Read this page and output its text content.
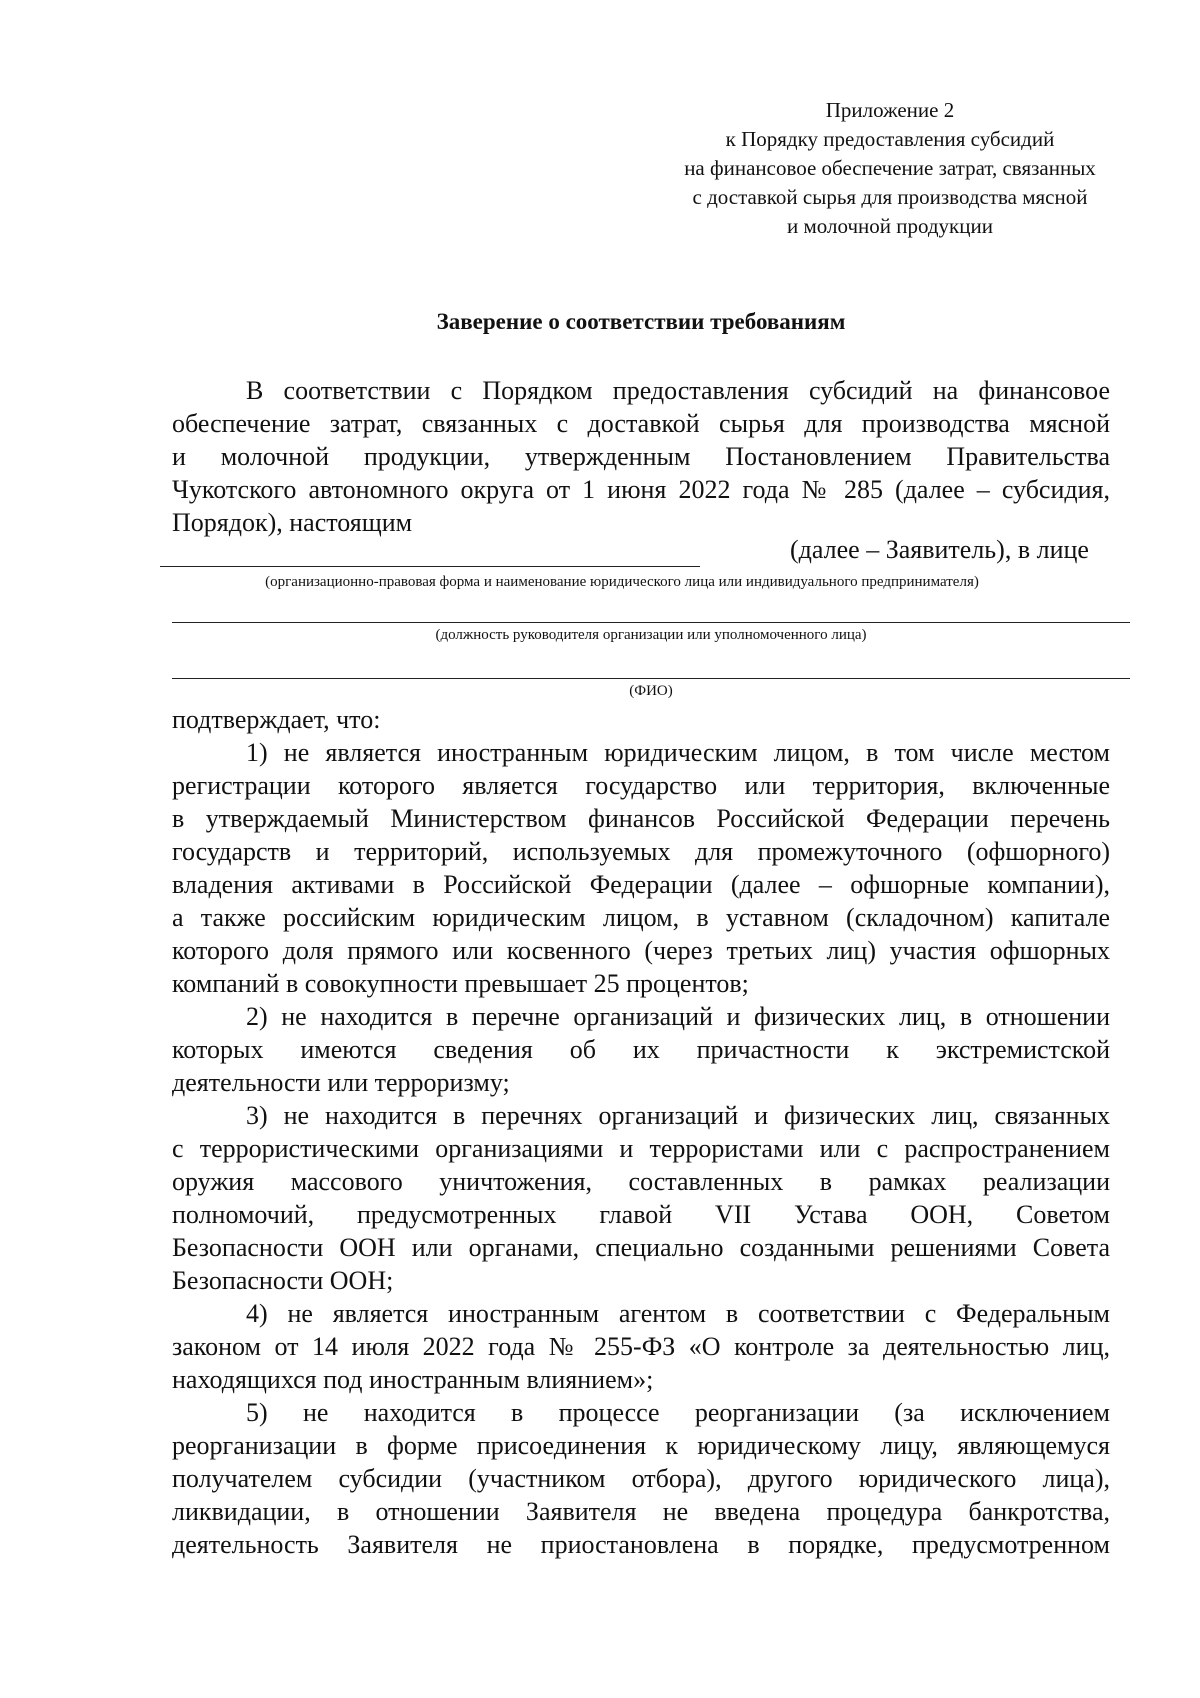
Приложение 2
к Порядку предоставления субсидий
на финансовое обеспечение затрат, связанных
с доставкой сырья для производства мясной
и молочной продукции
Заверение о соответствии требованиям
В соответствии с Порядком предоставления субсидий на финансовое
обеспечение затрат, связанных с доставкой сырья для производства мясной
и молочной продукции, утвержденным Постановлением Правительства
Чукотского автономного округа от 1 июня 2022 года № 285 (далее – субсидия,
Порядок), настоящим
(далее – Заявитель), в лице
(организационно-правовая форма и наименование юридического лица или индивидуального предпринимателя)
(должность руководителя организации или уполномоченного лица)
(ФИО)
подтверждает, что:
1) не является иностранным юридическим лицом, в том числе местом
регистрации которого является государство или территория, включенные
в утверждаемый Министерством финансов Российской Федерации перечень
государств и территорий, используемых для промежуточного (офшорного)
владения активами в Российской Федерации (далее – офшорные компании),
а также российским юридическим лицом, в уставном (складочном) капитале
которого доля прямого или косвенного (через третьих лиц) участия офшорных
компаний в совокупности превышает 25 процентов;
2) не находится в перечне организаций и физических лиц, в отношении
которых имеются сведения об их причастности к экстремистской
деятельности или терроризму;
3) не находится в перечнях организаций и физических лиц, связанных
с террористическими организациями и террористами или с распространением
оружия массового уничтожения, составленных в рамках реализации
полномочий, предусмотренных главой VII Устава ООН, Советом
Безопасности ООН или органами, специально созданными решениями Совета
Безопасности ООН;
4) не является иностранным агентом в соответствии с Федеральным
законом от 14 июля 2022 года № 255-ФЗ «О контроле за деятельностью лиц,
находящихся под иностранным влиянием»;
5) не находится в процессе реорганизации (за исключением
реорганизации в форме присоединения к юридическому лицу, являющемуся
получателем субсидии (участником отбора), другого юридического лица),
ликвидации, в отношении Заявителя не введена процедура банкротства,
деятельность Заявителя не приостановлена в порядке, предусмотренном
